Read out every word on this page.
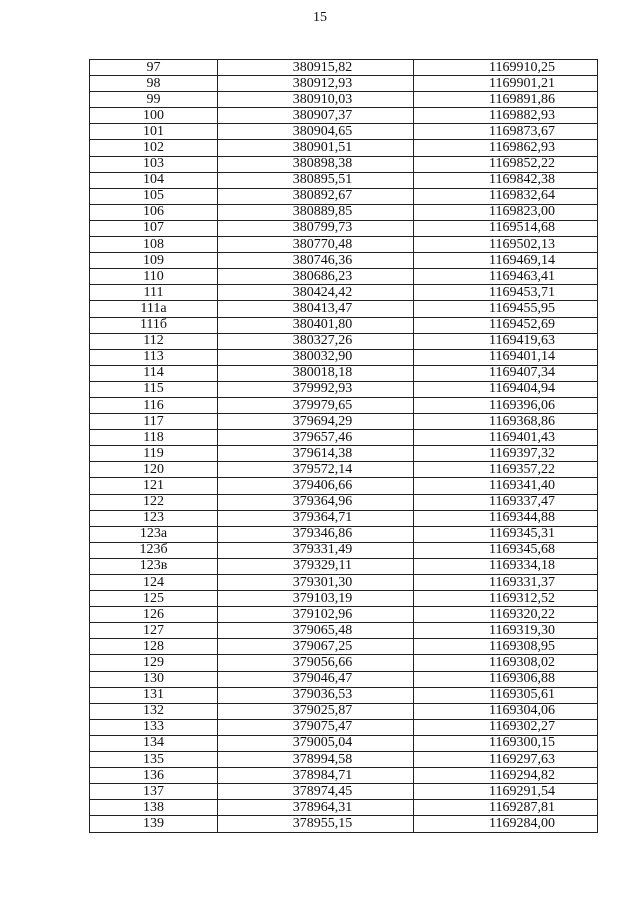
15
97	380915,82	1169910,25
98	380912,93	1169901,21
99	380910,03	1169891,86
100	380907,37	1169882,93
101	380904,65	1169873,67
102	380901,51	1169862,93
103	380898,38	1169852,22
104	380895,51	1169842,38
105	380892,67	1169832,64
106	380889,85	1169823,00
107	380799,73	1169514,68
108	380770,48	1169502,13
109	380746,36	1169469,14
110	380686,23	1169463,41
111	380424,42	1169453,71
111а	380413,47	1169455,95
111б	380401,80	1169452,69
112	380327,26	1169419,63
113	380032,90	1169401,14
114	380018,18	1169407,34
115	379992,93	1169404,94
116	379979,65	1169396,06
117	379694,29	1169368,86
118	379657,46	1169401,43
119	379614,38	1169397,32
120	379572,14	1169357,22
121	379406,66	1169341,40
122	379364,96	1169337,47
123	379364,71	1169344,88
123а	379346,86	1169345,31
123б	379331,49	1169345,68
123в	379329,11	1169334,18
124	379301,30	1169331,37
125	379103,19	1169312,52
126	379102,96	1169320,22
127	379065,48	1169319,30
128	379067,25	1169308,95
129	379056,66	1169308,02
130	379046,47	1169306,88
131	379036,53	1169305,61
132	379025,87	1169304,06
133	379075,47	1169302,27
134	379005,04	1169300,15
135	378994,58	1169297,63
136	378984,71	1169294,82
137	378974,45	1169291,54
138	378964,31	1169287,81
139	378955,15	1169284,00
